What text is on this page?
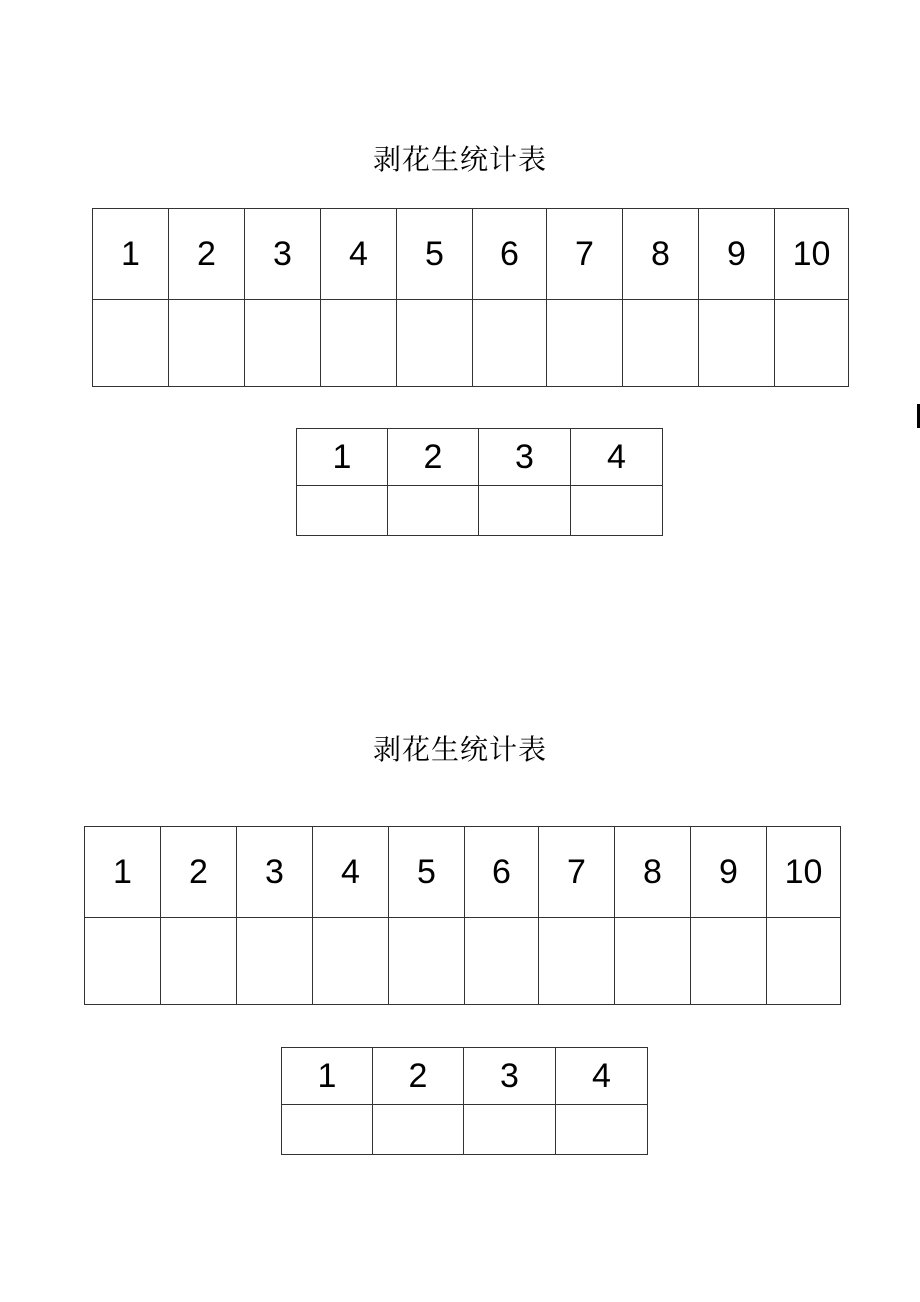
剥花生统计表
1	2	3	4	5	6	7	8	9	10

1	2	3	4

剥花生统计表
1	2	3	4	5	6	7	8	9	10

1	2	3	4
